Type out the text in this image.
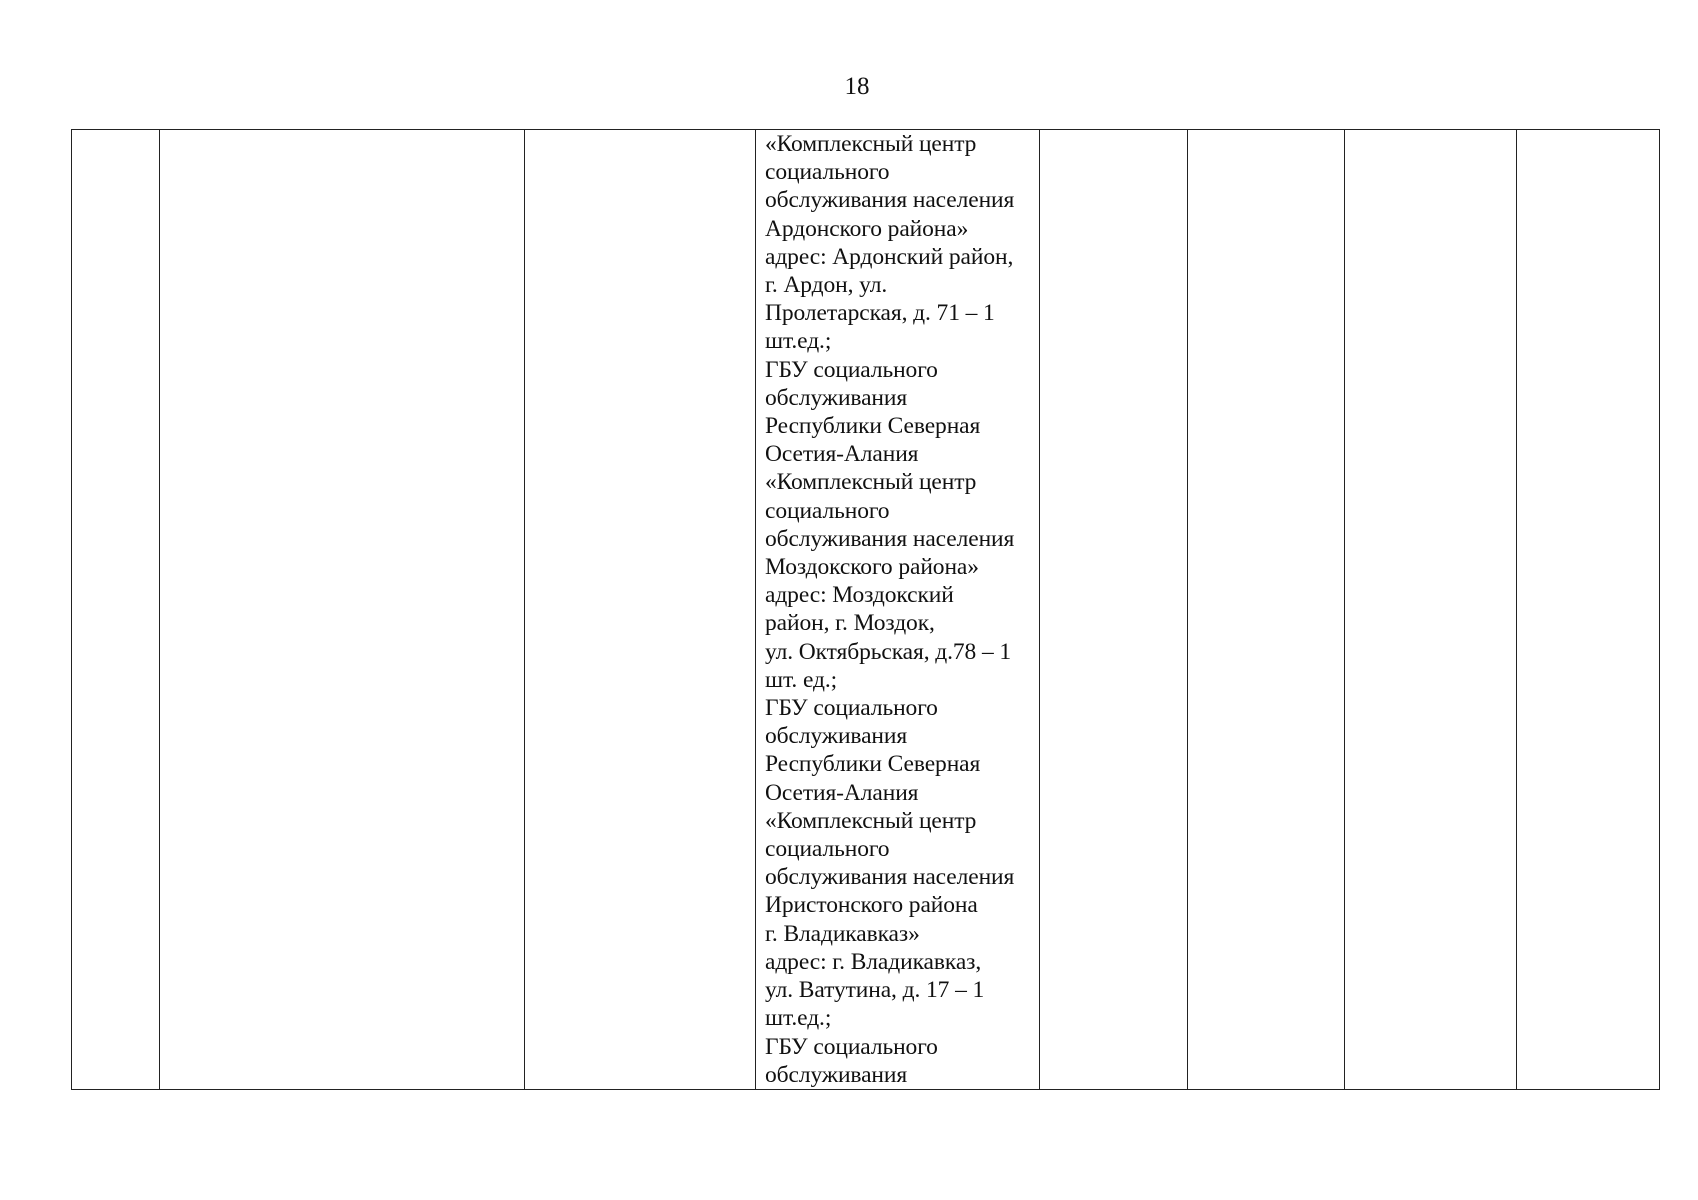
18

«Комплексный центр
социального
обслуживания населения
Ардонского района»
адрес: Ардонский район,
г. Ардон, ул.
Пролетарская, д. 71 – 1
шт.ед.;
ГБУ социального
обслуживания
Республики Северная
Осетия-Алания
«Комплексный центр
социального
обслуживания населения
Моздокского района»
адрес: Моздокский
район, г. Моздок,
ул. Октябрьская, д.78 – 1
шт. ед.;
ГБУ социального
обслуживания
Республики Северная
Осетия-Алания
«Комплексный центр
социального
обслуживания населения
Иристонского района
г. Владикавказ»
адрес: г. Владикавказ,
ул. Ватутина, д. 17 – 1
шт.ед.;
ГБУ социального
обслуживания
